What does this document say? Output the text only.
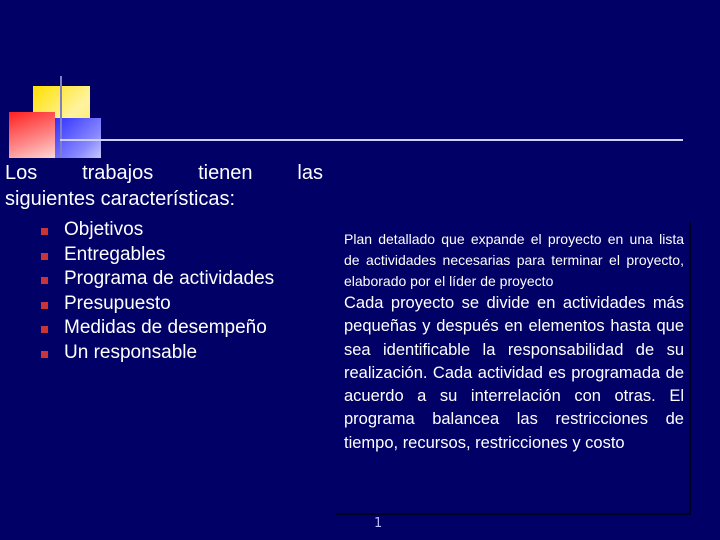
Los trabajos tienen las
siguientes características:
Objetivos
Entregables
Programa de actividades
Presupuesto
Medidas de desempeño
Un responsable

Plan detallado que expande el proyecto en una lista de actividades necesarias para terminar el proyecto, elaborado por el líder de proyecto

Cada proyecto se divide en actividades más pequeñas y después en elementos hasta que sea identificable la responsabilidad de su realización. Cada actividad es programada de acuerdo a su interrelación con otras. El programa balancea las restricciones de tiempo, recursos, restricciones y costo

1
